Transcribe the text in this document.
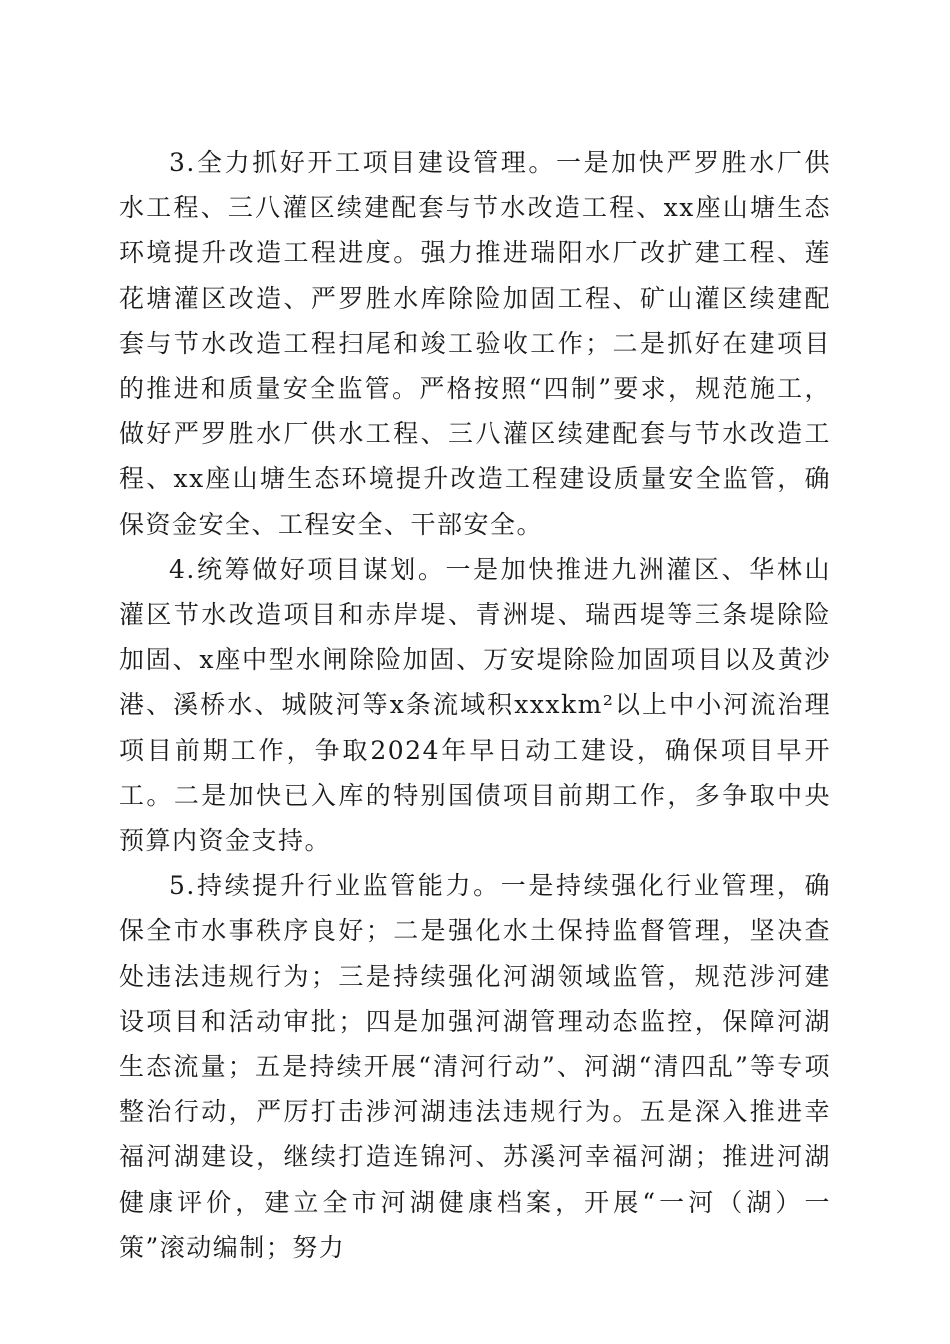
3.全力抓好开工项目建设管理。一是加快严罗胜水厂供水工程、三八灌区续建配套与节水改造工程、xx座山塘生态环境提升改造工程进度。强力推进瑞阳水厂改扩建工程、莲花塘灌区改造、严罗胜水库除险加固工程、矿山灌区续建配套与节水改造工程扫尾和竣工验收工作；二是抓好在建项目的推进和质量安全监管。严格按照“四制”要求，规范施工，做好严罗胜水厂供水工程、三八灌区续建配套与节水改造工程、xx座山塘生态环境提升改造工程建设质量安全监管，确保资金安全、工程安全、干部安全。

4.统筹做好项目谋划。一是加快推进九洲灌区、华林山灌区节水改造项目和赤岸堤、青洲堤、瑞西堤等三条堤除险加固、x座中型水闸除险加固、万安堤除险加固项目以及黄沙港、溪桥水、城陂河等x条流域积xxxkm²以上中小河流治理项目前期工作，争取2024年早日动工建设，确保项目早开工。二是加快已入库的特别国债项目前期工作，多争取中央预算内资金支持。

5.持续提升行业监管能力。一是持续强化行业管理，确保全市水事秩序良好；二是强化水土保持监督管理，坚决查处违法违规行为；三是持续强化河湖领域监管，规范涉河建设项目和活动审批；四是加强河湖管理动态监控，保障河湖生态流量；五是持续开展“清河行动”、河湖“清四乱”等专项整治行动，严厉打击涉河湖违法违规行为。五是深入推进幸福河湖建设，继续打造连锦河、苏溪河幸福河湖；推进河湖健康评价，建立全市河湖健康档案，开展“一河（湖）一策”滚动编制；努力
